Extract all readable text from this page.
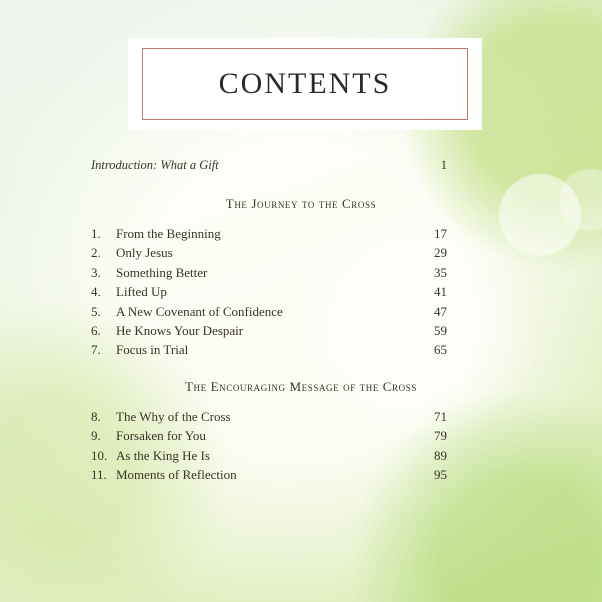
CONTENTS
Introduction: What a Gift	1
The Journey to the Cross
1.	From the Beginning	17
2.	Only Jesus	29
3.	Something Better	35
4.	Lifted Up	41
5.	A New Covenant of Confidence	47
6.	He Knows Your Despair	59
7.	Focus in Trial	65
The Encouraging Message of the Cross
8.	The Why of the Cross	71
9.	Forsaken for You	79
10. As the King He Is	89
11. Moments of Reflection	95
